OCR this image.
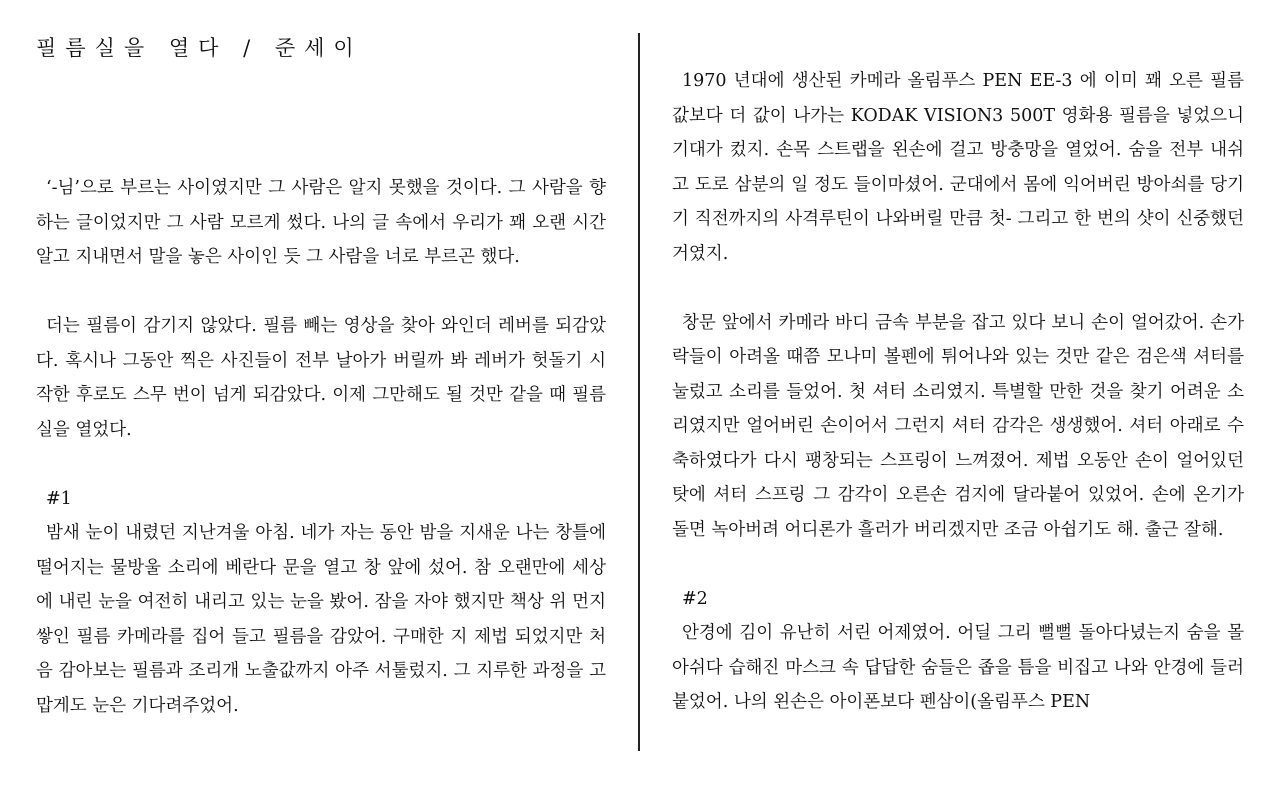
필름실을 열다 / 준세이

‘-님’으로 부르는 사이였지만 그 사람은 알지 못했을 것이다. 그 사람을 향하는 글이었지만 그 사람 모르게 썼다. 나의 글 속에서 우리가 꽤 오랜 시간 알고 지내면서 말을 놓은 사이인 듯 그 사람을 너로 부르곤 했다.

더는 필름이 감기지 않았다. 필름 빼는 영상을 찾아 와인더 레버를 되감았다. 혹시나 그동안 찍은 사진들이 전부 날아가 버릴까 봐 레버가 헛돌기 시작한 후로도 스무 번이 넘게 되감았다. 이제 그만해도 될 것만 같을 때 필름실을 열었다.

#1

밤새 눈이 내렸던 지난겨울 아침. 네가 자는 동안 밤을 지새운 나는 창틀에 떨어지는 물방울 소리에 베란다 문을 열고 창 앞에 섰어. 참 오랜만에 세상에 내린 눈을 여전히 내리고 있는 눈을 봤어. 잠을 자야 했지만 책상 위 먼지 쌓인 필름 카메라를 집어 들고 필름을 감았어. 구매한 지 제법 되었지만 처음 감아보는 필름과 조리개 노출값까지 아주 서툴렀지. 그 지루한 과정을 고맙게도 눈은 기다려주었어.

1970 년대에 생산된 카메라 올림푸스 PEN EE-3 에 이미 꽤 오른 필름 값보다 더 값이 나가는 KODAK VISION3 500T 영화용 필름을 넣었으니 기대가 컸지. 손목 스트랩을 왼손에 걸고 방충망을 열었어. 숨을 전부 내쉬고 도로 삼분의 일 정도 들이마셨어. 군대에서 몸에 익어버린 방아쇠를 당기기 직전까지의 사격루틴이 나와버릴 만큼 첫- 그리고 한 번의 샷이 신중했던 거였지.

창문 앞에서 카메라 바디 금속 부분을 잡고 있다 보니 손이 얼어갔어. 손가락들이 아려올 때쯤 모나미 볼펜에 튀어나와 있는 것만 같은 검은색 셔터를 눌렀고 소리를 들었어. 첫 셔터 소리였지. 특별할 만한 것을 찾기 어려운 소리였지만 얼어버린 손이어서 그런지 셔터 감각은 생생했어. 셔터 아래로 수축하였다가 다시 팽창되는 스프링이 느껴졌어. 제법 오동안 손이 얼어있던 탓에 셔터 스프링 그 감각이 오른손 검지에 달라붙어 있었어. 손에 온기가 돌면 녹아버려 어디론가 흘러가 버리겠지만 조금 아쉽기도 해. 출근 잘해.

#2

안경에 김이 유난히 서린 어제였어. 어딜 그리 뻘뻘 돌아다녔는지 숨을 몰아쉬다 습해진 마스크 속 답답한 숨들은 좁을 틈을 비집고 나와 안경에 들러붙었어. 나의 왼손은 아이폰보다 펜삼이(올림푸스 PEN
